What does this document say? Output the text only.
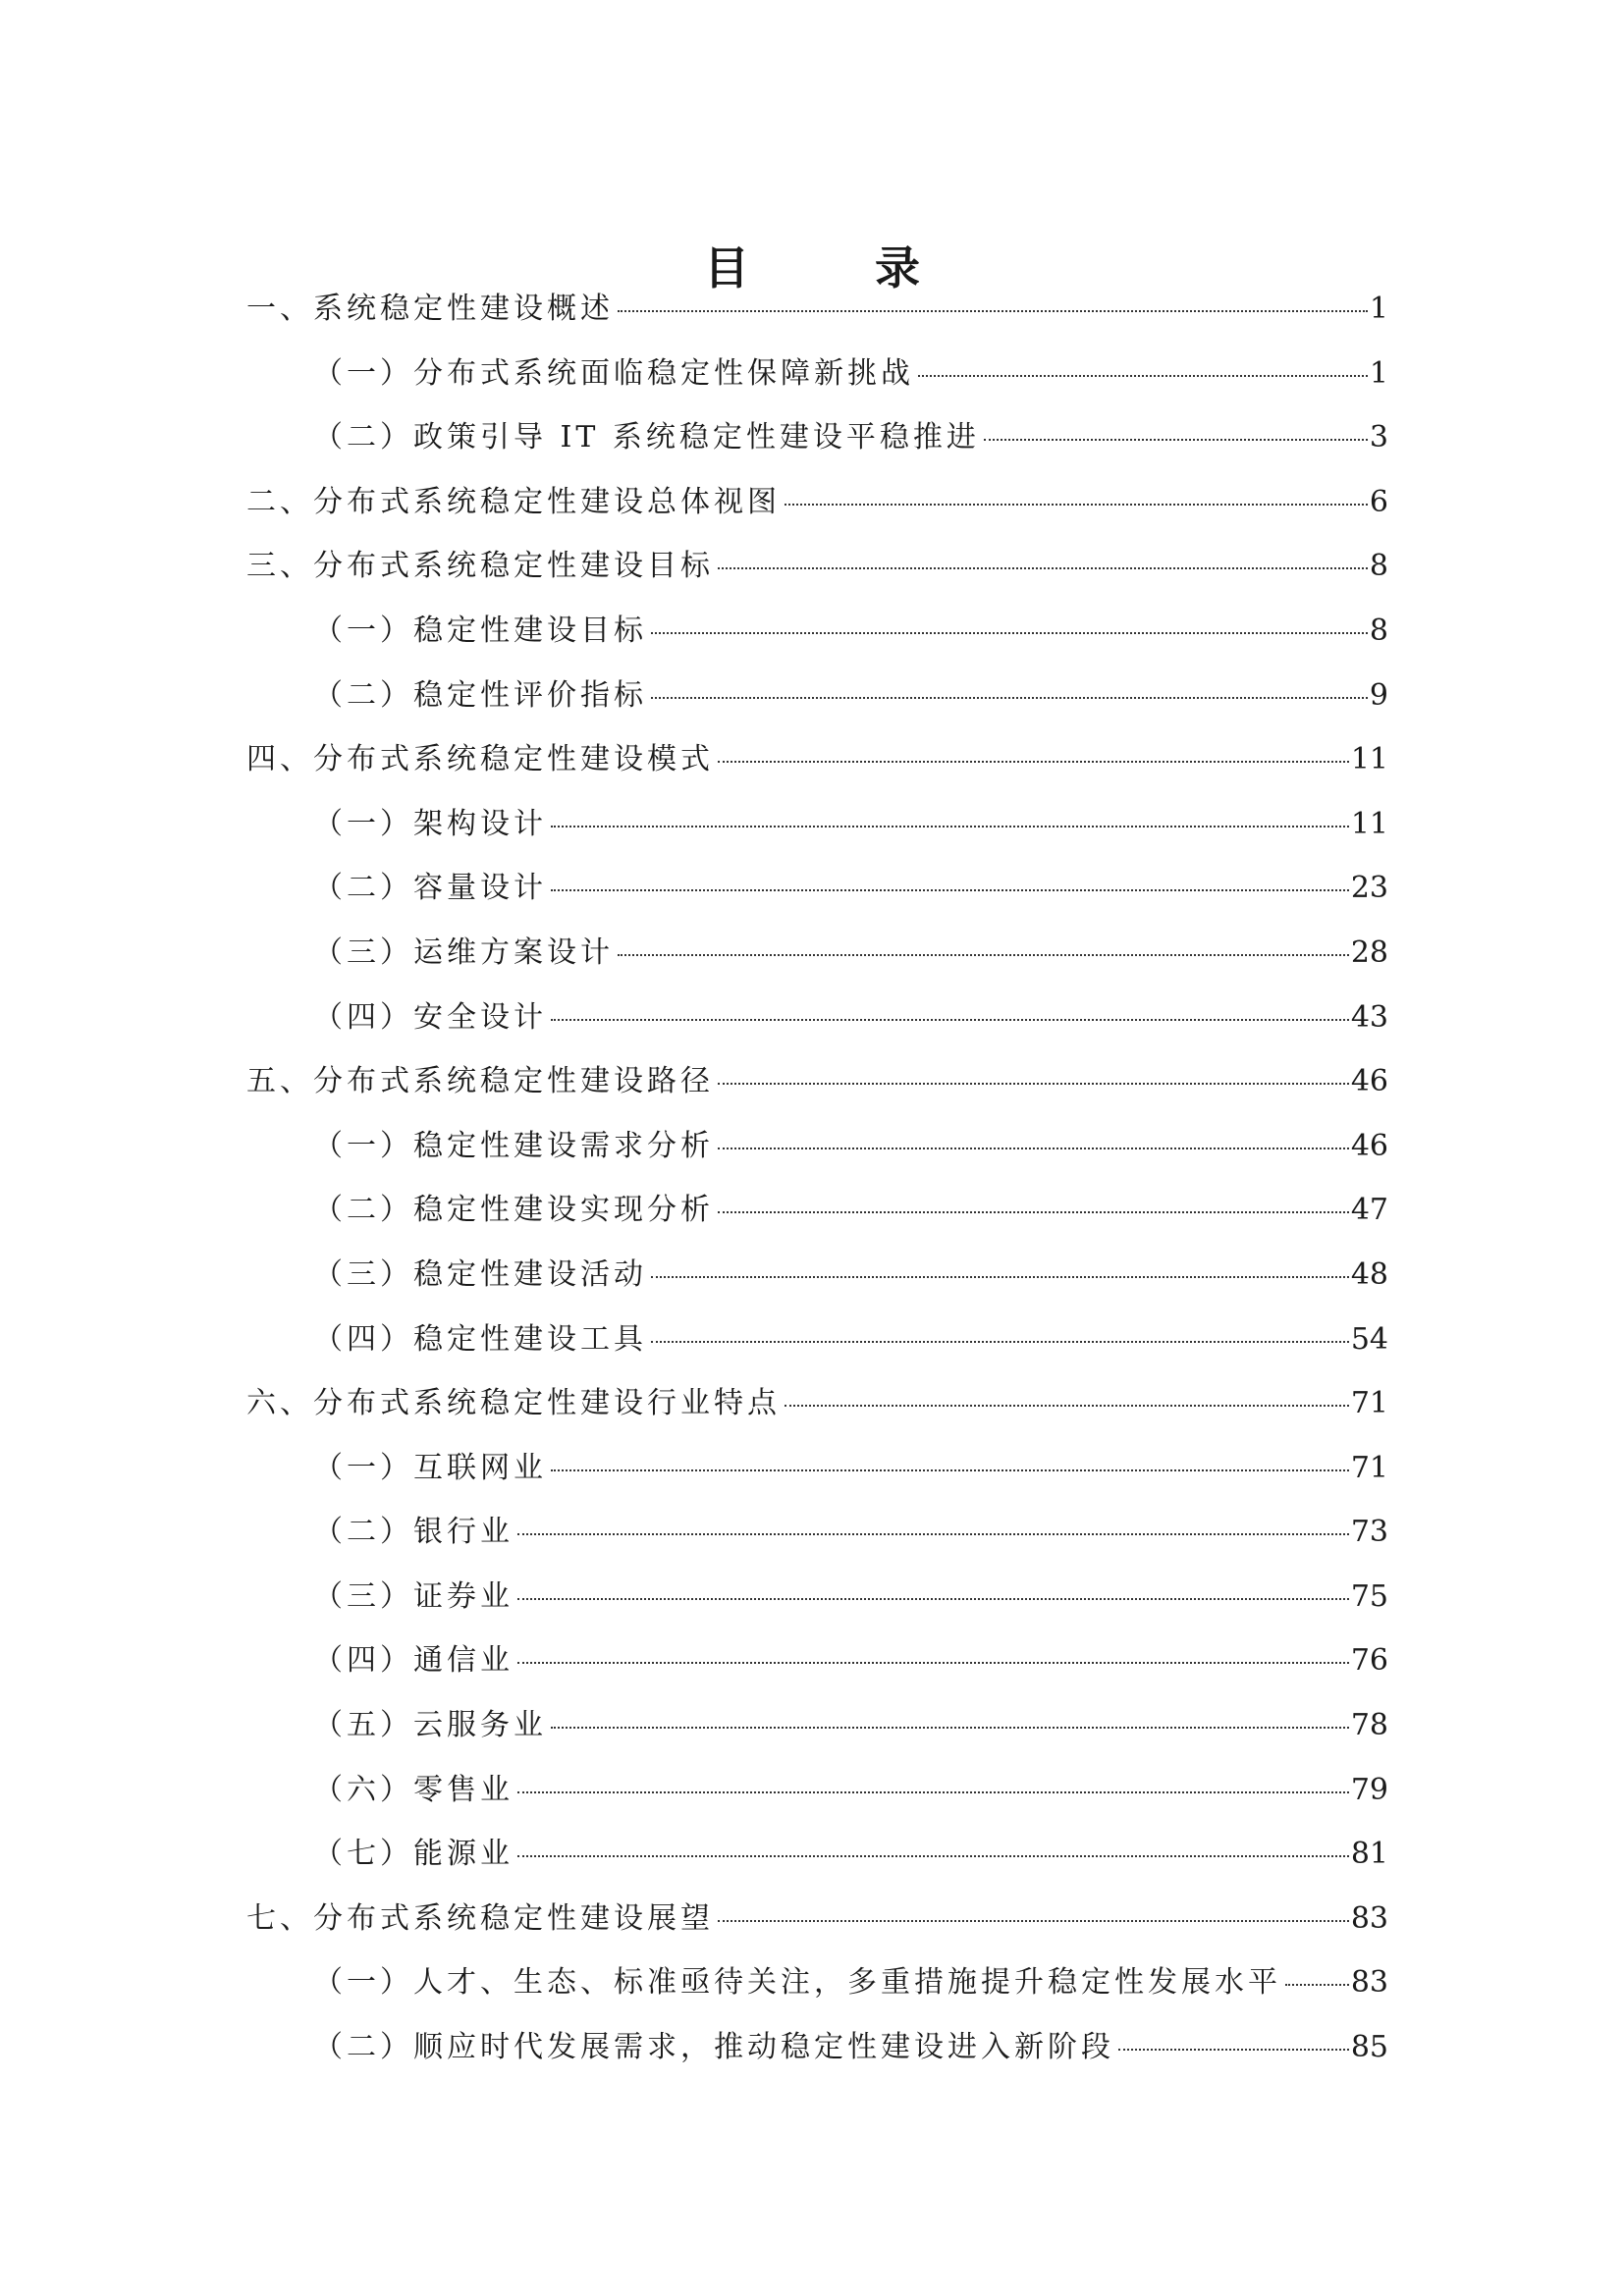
目 录
一、系统稳定性建设概述	1
（一）分布式系统面临稳定性保障新挑战	1
（二）政策引导 IT 系统稳定性建设平稳推进	3
二、分布式系统稳定性建设总体视图	6
三、分布式系统稳定性建设目标	8
（一）稳定性建设目标	8
（二）稳定性评价指标	9
四、分布式系统稳定性建设模式	11
（一）架构设计	11
（二）容量设计	23
（三）运维方案设计	28
（四）安全设计	43
五、分布式系统稳定性建设路径	46
（一）稳定性建设需求分析	46
（二）稳定性建设实现分析	47
（三）稳定性建设活动	48
（四）稳定性建设工具	54
六、分布式系统稳定性建设行业特点	71
（一）互联网业	71
（二）银行业	73
（三）证券业	75
（四）通信业	76
（五）云服务业	78
（六）零售业	79
（七）能源业	81
七、分布式系统稳定性建设展望	83
（一）人才、生态、标准亟待关注，多重措施提升稳定性发展水平 83
（二）顺应时代发展需求，推动稳定性建设进入新阶段	85
